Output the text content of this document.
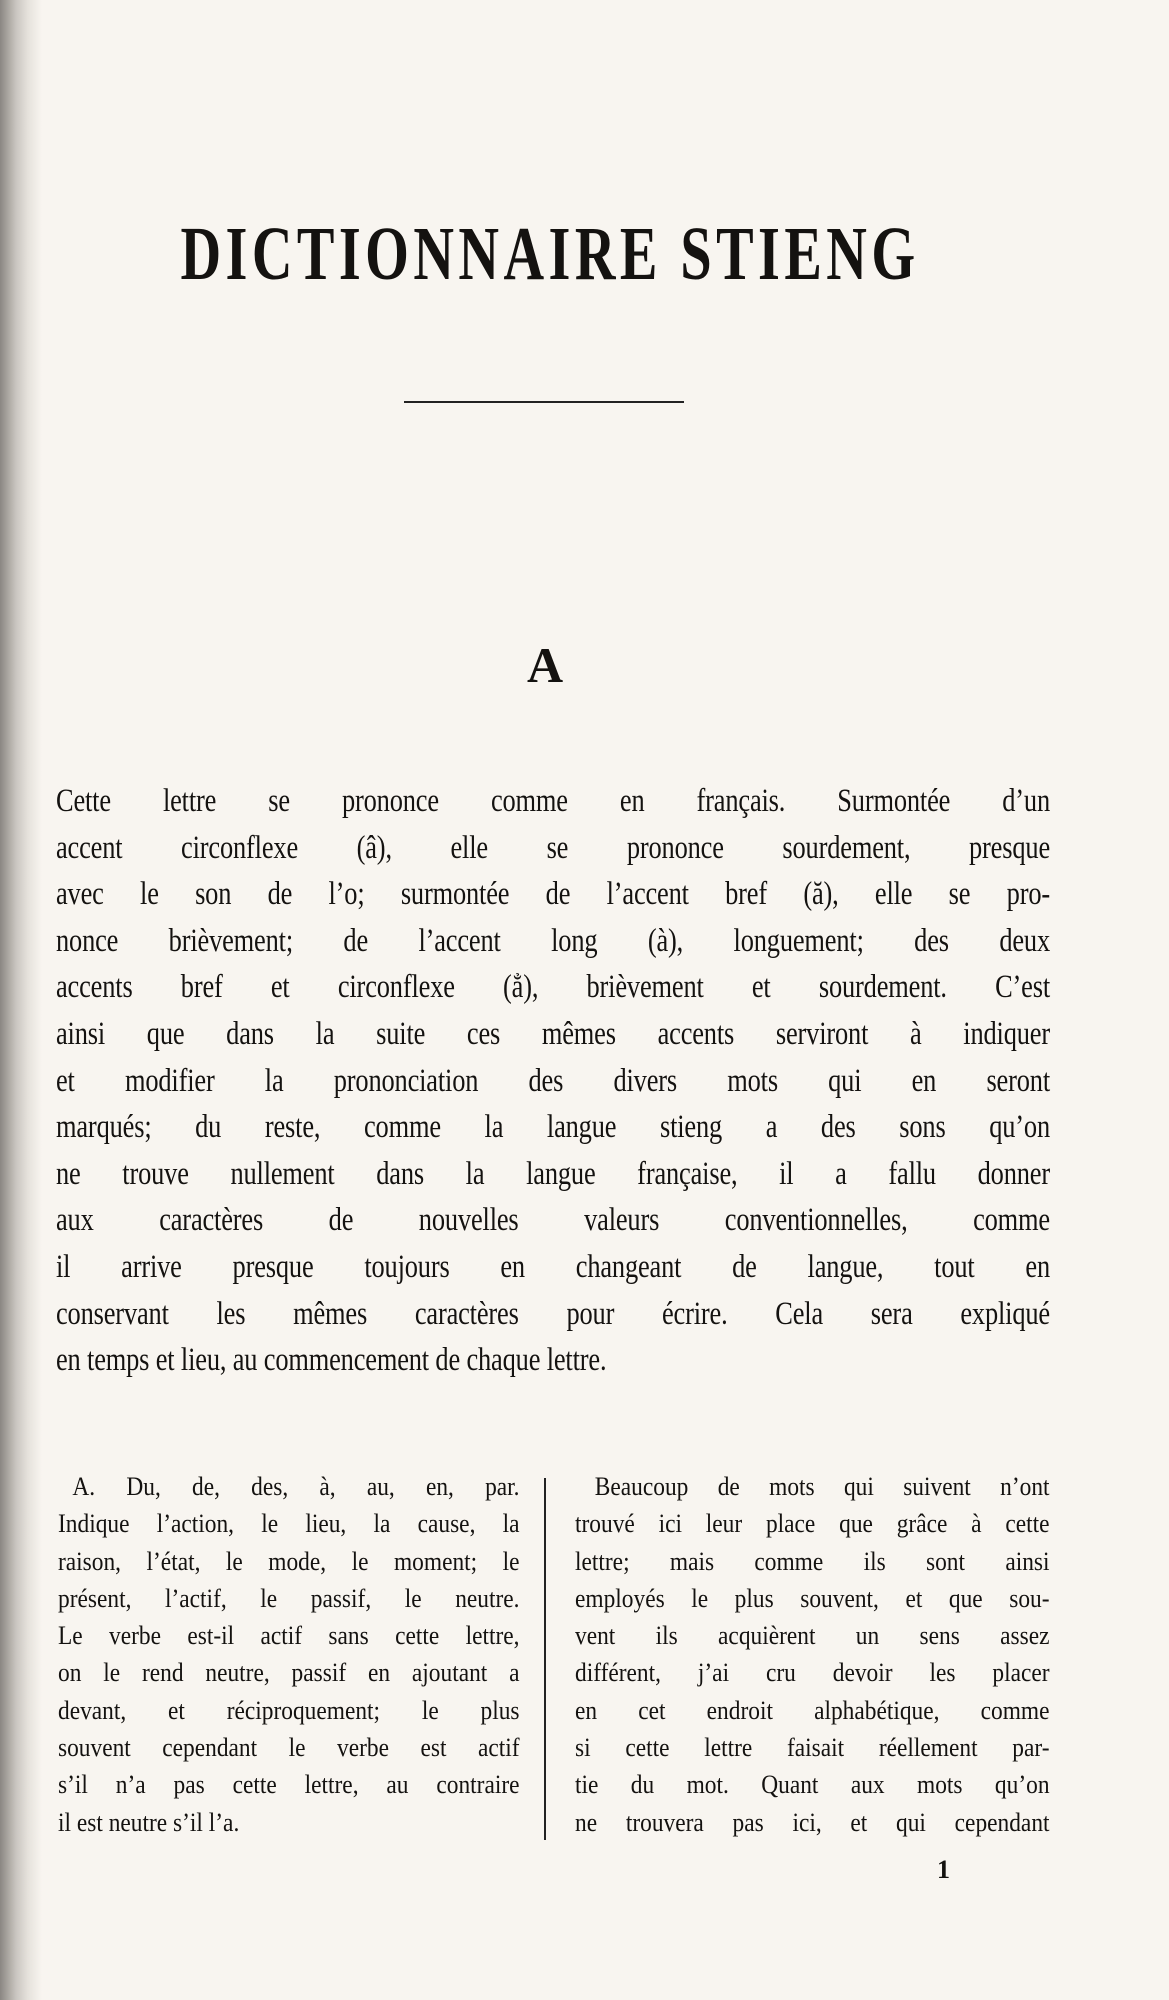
DICTIONNAIRE STIENG
A
Cette lettre se prononce comme en français. Surmontée d’un
accent circonflexe (â), elle se prononce sourdement, presque
avec le son de l’o; surmontée de l’accent bref (ă), elle se pro-
nonce brièvement; de l’accent long (à), longuement; des deux
accents bref et circonflexe (ẳ), brièvement et sourdement. C’est
ainsi que dans la suite ces mêmes accents serviront à indiquer
et modifier la prononciation des divers mots qui en seront
marqués; du reste, comme la langue stieng a des sons qu’on
ne trouve nullement dans la langue française, il a fallu donner
aux caractères de nouvelles valeurs conventionnelles, comme
il arrive presque toujours en changeant de langue, tout en
conservant les mêmes caractères pour écrire. Cela sera expliqué
en temps et lieu, au commencement de chaque lettre.
A. Du, de, des, à, au, en, par.
Indique l’action, le lieu, la cause, la
raison, l’état, le mode, le moment; le
présent, l’actif, le passif, le neutre.
Le verbe est-il actif sans cette lettre,
on le rend neutre, passif en ajoutant a
devant, et réciproquement; le plus
souvent cependant le verbe est actif
s’il n’a pas cette lettre, au contraire
il est neutre s’il l’a.
Beaucoup de mots qui suivent n’ont
trouvé ici leur place que grâce à cette
lettre; mais comme ils sont ainsi
employés le plus souvent, et que sou-
vent ils acquièrent un sens assez
différent, j’ai cru devoir les placer
en cet endroit alphabétique, comme
si cette lettre faisait réellement par-
tie du mot. Quant aux mots qu’on
ne trouvera pas ici, et qui cependant
1
